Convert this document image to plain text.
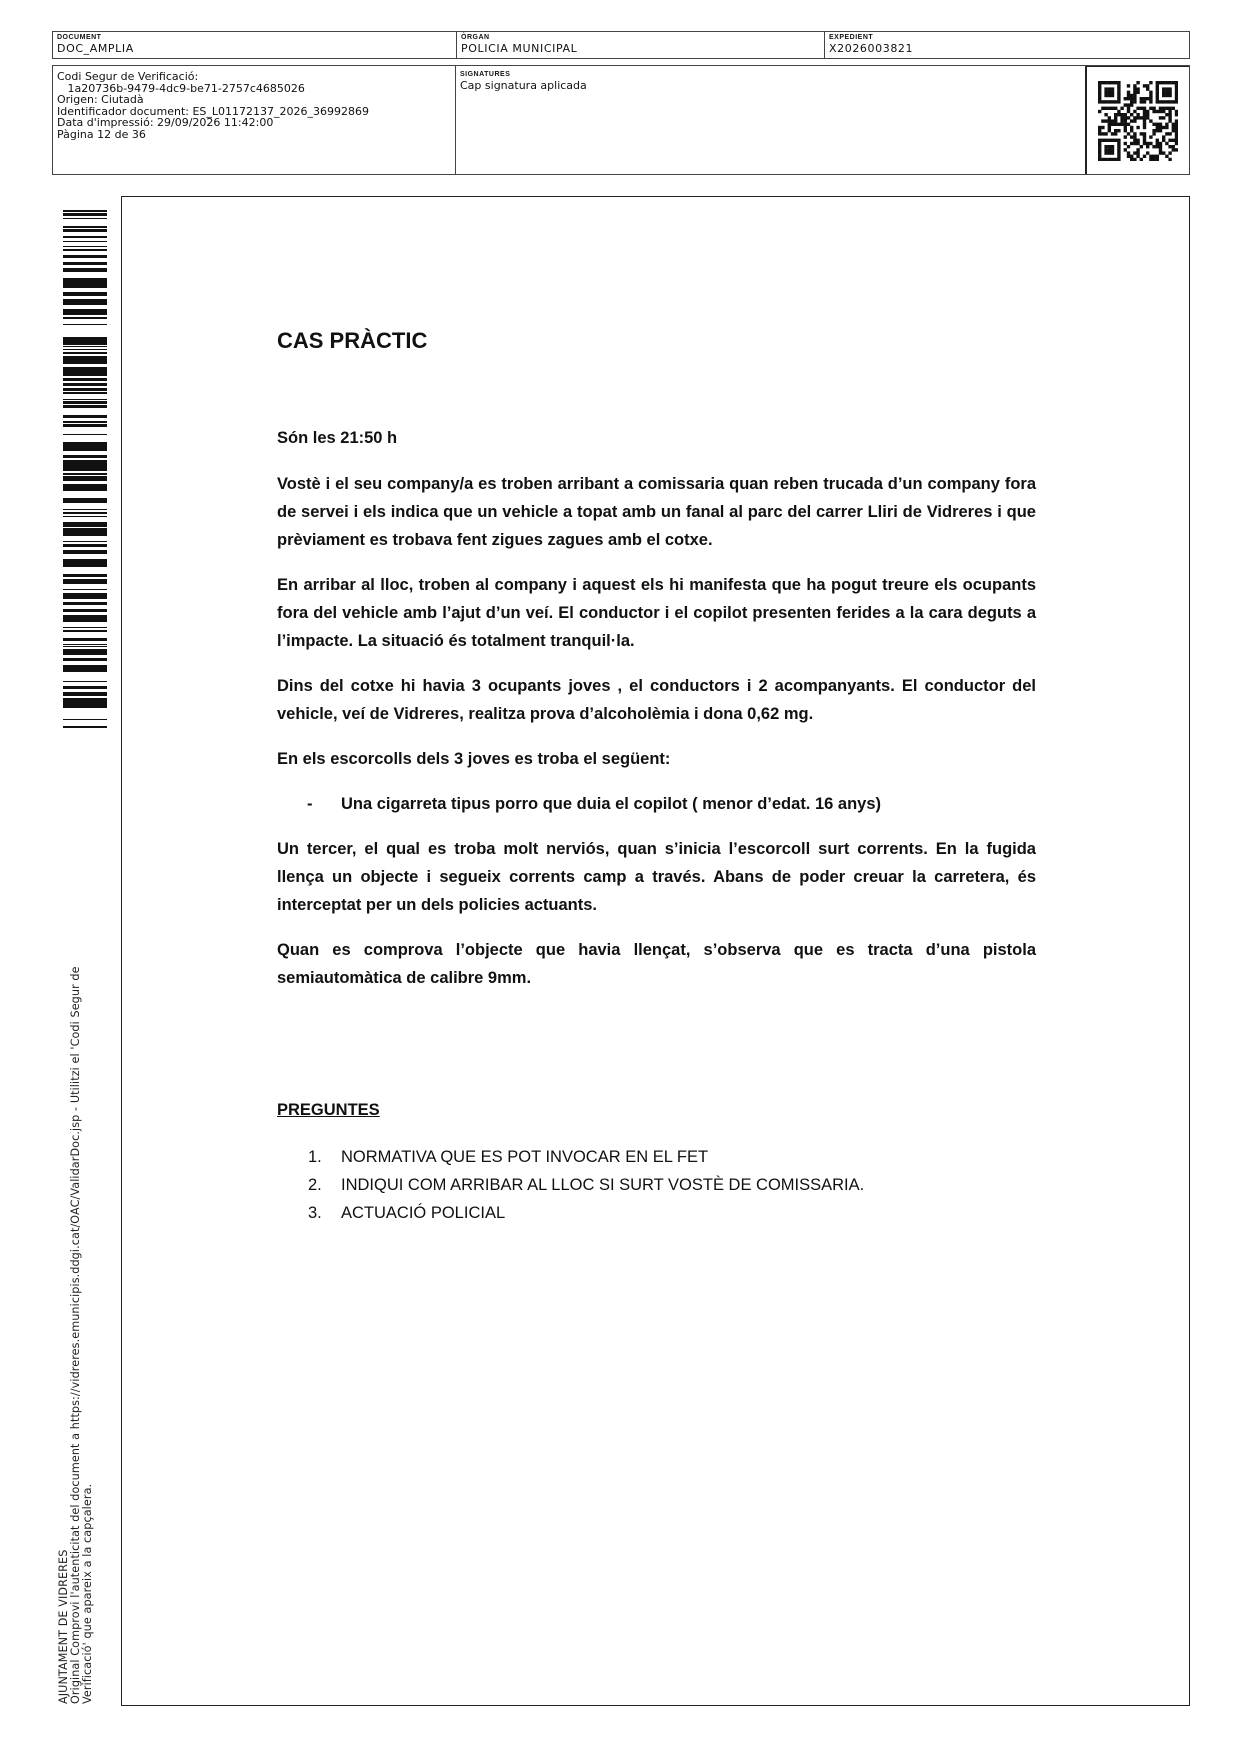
DOCUMENT
DOC_AMPLIA
ÒRGAN
POLICIA MUNICIPAL
EXPEDIENT
X2026003821
Codi Segur de Verificació:
1a20736b-9479-4dc9-be71-2757c4685026
Origen: Ciutadà
Identificador document: ES_L01172137_2026_36992869
Data d'impressió: 29/09/2026 11:42:00
Pàgina 12 de 36
SIGNATURES
Cap signatura aplicada
AJUNTAMENT DE VIDRERES Original Comprovi l'autenticitat del document a https://vidreres.emunicipis.ddgi.cat/OAC/ValidarDoc.jsp - Utilitzi el 'Codi Segur de Verificació' que apareix a la capçalera.
CAS PRÀCTIC

Són les 21:50 h

Vostè i el seu company/a es troben arribant a comissaria quan reben trucada d’un company fora de servei i els indica que un vehicle a topat amb un fanal al parc del carrer Lliri de Vidreres i que prèviament es trobava fent zigues zagues amb el cotxe.

En arribar al lloc, troben al company i aquest els hi manifesta que ha pogut treure els ocupants fora del vehicle amb l’ajut d’un veí. El conductor i el copilot presenten ferides a la cara deguts a l’impacte. La situació és totalment tranquil·la.

Dins del cotxe hi havia 3 ocupants joves , el conductors i 2 acompanyants. El conductor del vehicle, veí de Vidreres, realitza prova d’alcoholèmia i dona 0,62 mg.

En els escorcolls dels 3 joves es troba el següent:

- Una cigarreta tipus porro que duia el copilot ( menor d’edat. 16 anys)

Un tercer, el qual es troba molt nerviós, quan s’inicia l’escorcoll surt corrents. En la fugida llença un objecte i segueix corrents camp a través. Abans de poder creuar la carretera, és interceptat per un dels policies actuants.

Quan es comprova l’objecte que havia llençat, s’observa que es tracta d’una pistola semiautomàtica de calibre 9mm.

PREGUNTES
1. NORMATIVA QUE ES POT INVOCAR EN EL FET
2. INDIQUI COM ARRIBAR AL LLOC SI SURT VOSTÈ DE COMISSARIA.
3. ACTUACIÓ POLICIAL
